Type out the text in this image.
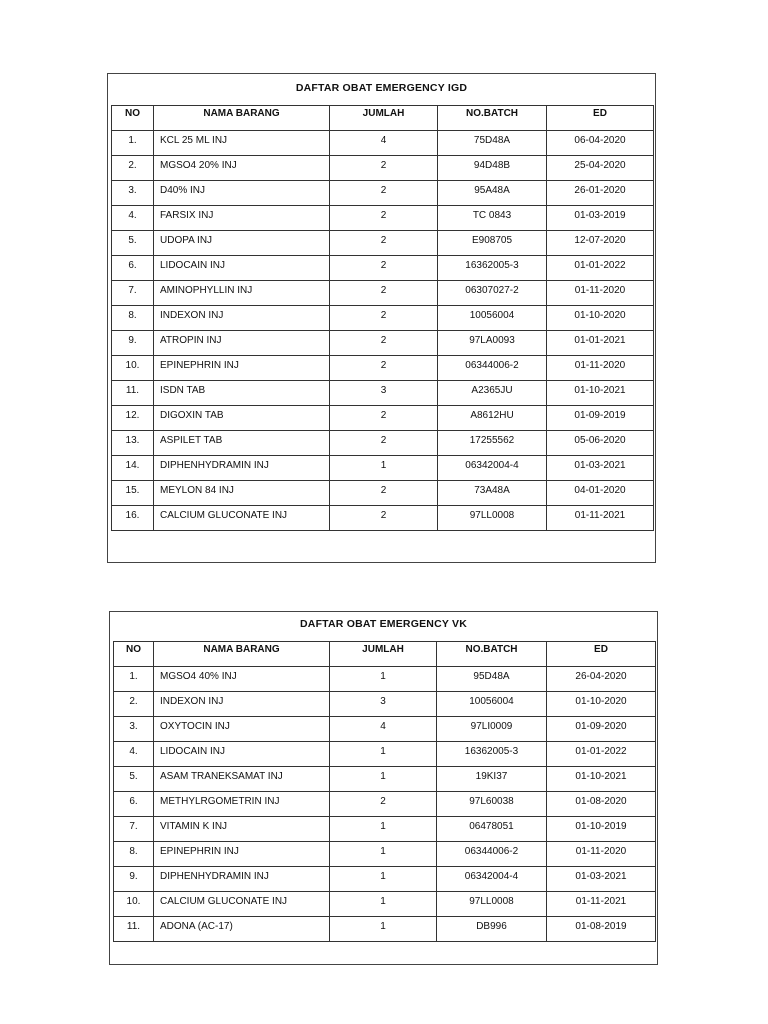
DAFTAR OBAT EMERGENCY IGD
NO	NAMA BARANG	JUMLAH	NO.BATCH	ED
1.	KCL 25 ML INJ	4	75D48A	06-04-2020
2.	MGSO4 20% INJ	2	94D48B	25-04-2020
3.	D40% INJ	2	95A48A	26-01-2020
4.	FARSIX INJ	2	TC 0843	01-03-2019
5.	UDOPA INJ	2	E908705	12-07-2020
6.	LIDOCAIN INJ	2	16362005-3	01-01-2022
7.	AMINOPHYLLIN INJ	2	06307027-2	01-11-2020
8.	INDEXON INJ	2	10056004	01-10-2020
9.	ATROPIN INJ	2	97LA0093	01-01-2021
10.	EPINEPHRIN INJ	2	06344006-2	01-11-2020
11.	ISDN TAB	3	A2365JU	01-10-2021
12.	DIGOXIN TAB	2	A8612HU	01-09-2019
13.	ASPILET TAB	2	17255562	05-06-2020
14.	DIPHENHYDRAMIN INJ	1	06342004-4	01-03-2021
15.	MEYLON 84 INJ	2	73A48A	04-01-2020
16.	CALCIUM GLUCONATE INJ	2	97LL0008	01-11-2021
DAFTAR OBAT EMERGENCY VK
NO	NAMA BARANG	JUMLAH	NO.BATCH	ED
1.	MGSO4 40% INJ	1	95D48A	26-04-2020
2.	INDEXON INJ	3	10056004	01-10-2020
3.	OXYTOCIN INJ	4	97LI0009	01-09-2020
4.	LIDOCAIN INJ	1	16362005-3	01-01-2022
5.	ASAM TRANEKSAMAT INJ	1	19KI37	01-10-2021
6.	METHYLRGOMETRIN INJ	2	97L60038	01-08-2020
7.	VITAMIN K INJ	1	06478051	01-10-2019
8.	EPINEPHRIN INJ	1	06344006-2	01-11-2020
9.	DIPHENHYDRAMIN INJ	1	06342004-4	01-03-2021
10.	CALCIUM GLUCONATE INJ	1	97LL0008	01-11-2021
11.	ADONA (AC-17)	1	DB996	01-08-2019
